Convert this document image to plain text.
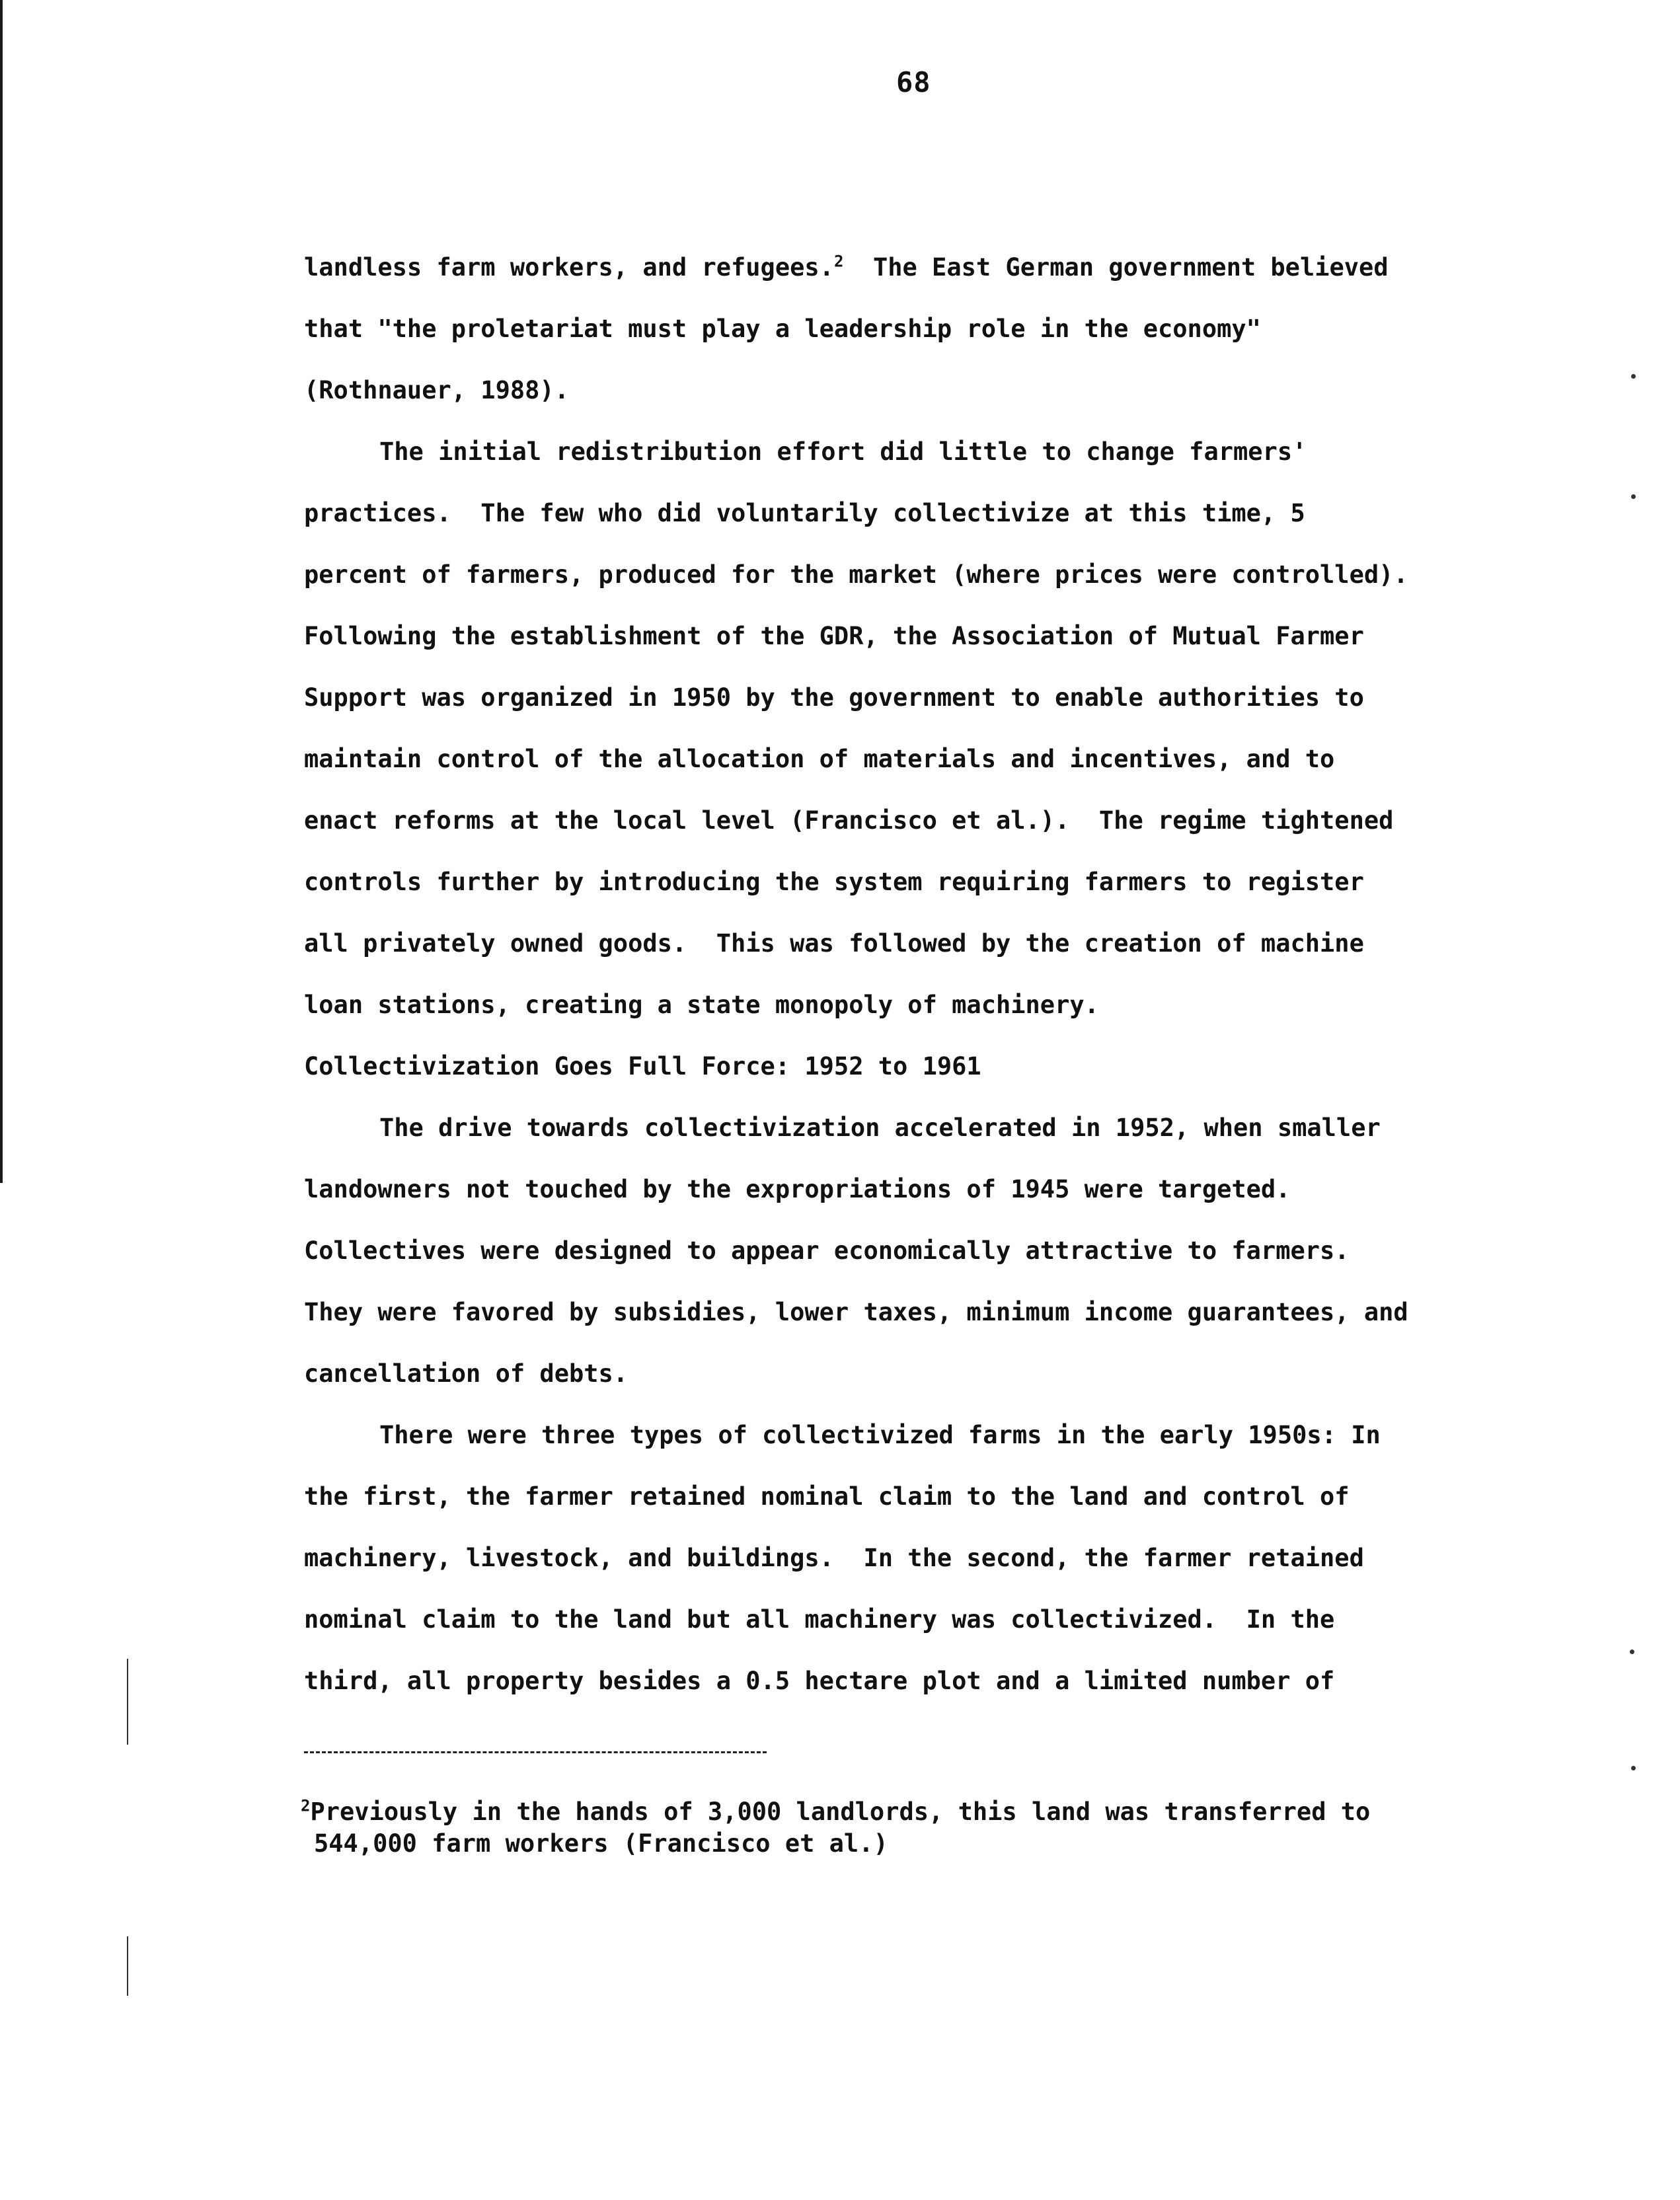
68
landless farm workers, and refugees.$^2$  The East German government believed
that "the proletariat must play a leadership role in the economy"
(Rothnauer, 1988).
The initial redistribution effort did little to change farmers'
practices.  The few who did voluntarily collectivize at this time, 5
percent of farmers, produced for the market (where prices were controlled).
Following the establishment of the GDR, the Association of Mutual Farmer
Support was organized in 1950 by the government to enable authorities to
maintain control of the allocation of materials and incentives, and to
enact reforms at the local level (Francisco et al.).  The regime tightened
controls further by introducing the system requiring farmers to register
all privately owned goods.  This was followed by the creation of machine
loan stations, creating a state monopoly of machinery.
Collectivization Goes Full Force: 1952 to 1961
The drive towards collectivization accelerated in 1952, when smaller
landowners not touched by the expropriations of 1945 were targeted.
Collectives were designed to appear economically attractive to farmers.
They were favored by subsidies, lower taxes, minimum income guarantees, and
cancellation of debts.
There were three types of collectivized farms in the early 1950s: In
the first, the farmer retained nominal claim to the land and control of
machinery, livestock, and buildings.  In the second, the farmer retained
nominal claim to the land but all machinery was collectivized.  In the
third, all property besides a 0.5 hectare plot and a limited number of
$^2$Previously in the hands of 3,000 landlords, this land was transferred to
544,000 farm workers (Francisco et al.)
